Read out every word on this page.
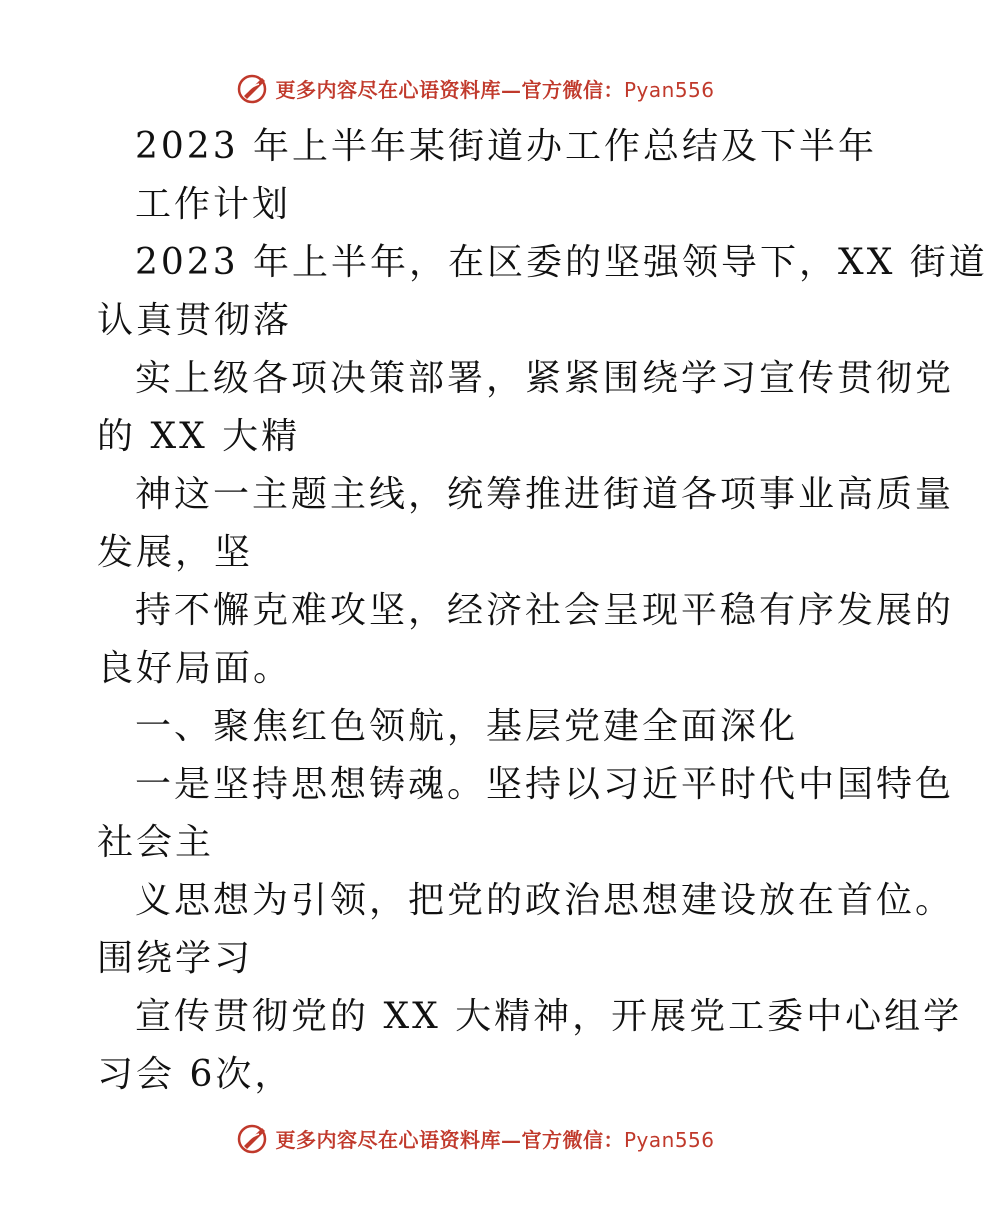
更多内容尽在心语资料库—官方微信：Pyan556
2023 年上半年某街道办工作总结及下半年
工作计划
2023 年上半年，在区委的坚强领导下，XX 街道
认真贯彻落
实上级各项决策部署，紧紧围绕学习宣传贯彻党
的 XX 大精
神这一主题主线，统筹推进街道各项事业高质量
发展，坚
持不懈克难攻坚，经济社会呈现平稳有序发展的
良好局面。
一、聚焦红色领航，基层党建全面深化
一是坚持思想铸魂。坚持以习近平时代中国特色
社会主
义思想为引领，把党的政治思想建设放在首位。
围绕学习
宣传贯彻党的 XX 大精神，开展党工委中心组学
习会 6次，
更多内容尽在心语资料库—官方微信：Pyan556
